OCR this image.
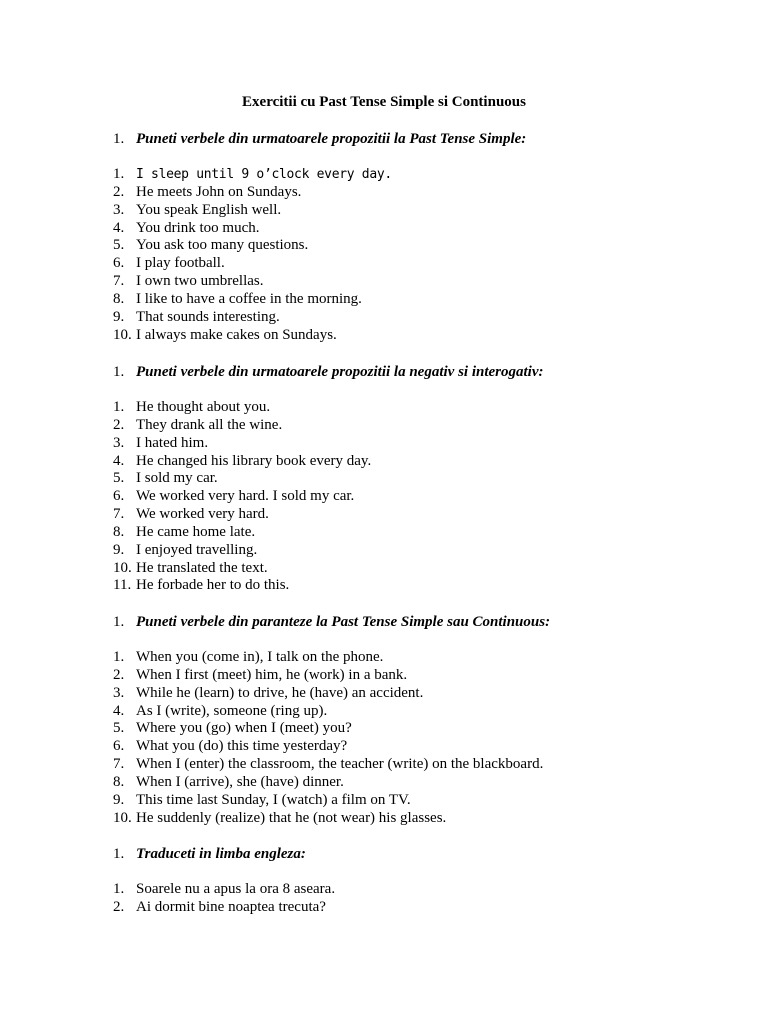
Exercitii cu Past Tense Simple si Continuous
1. Puneti verbele din urmatoarele propozitii la Past Tense Simple:
1. I sleep until 9 o’clock every day.
2. He meets John on Sundays.
3. You speak English well.
4. You drink too much.
5. You ask too many questions.
6. I play football.
7. I own two umbrellas.
8. I like to have a coffee in the morning.
9. That sounds interesting.
10. I always make cakes on Sundays.
1. Puneti verbele din urmatoarele propozitii la negativ si interogativ:
1. He thought about you.
2. They drank all the wine.
3. I hated him.
4. He changed his library book every day.
5. I sold my car.
6. We worked very hard. I sold my car.
7. We worked very hard.
8. He came home late.
9. I enjoyed travelling.
10. He translated the text.
11. He forbade her to do this.
1. Puneti verbele din paranteze la Past Tense Simple sau Continuous:
1. When you (come in), I talk on the phone.
2. When I first (meet) him, he (work) in a bank.
3. While he (learn) to drive, he (have) an accident.
4. As I (write), someone (ring up).
5. Where you (go) when I (meet) you?
6. What you (do) this time yesterday?
7. When I (enter) the classroom, the teacher (write) on the blackboard.
8. When I (arrive), she (have) dinner.
9. This time last Sunday, I (watch) a film on TV.
10. He suddenly (realize) that he (not wear) his glasses.
1. Traduceti in limba engleza:
1. Soarele nu a apus la ora 8 aseara.
2. Ai dormit bine noaptea trecuta?
